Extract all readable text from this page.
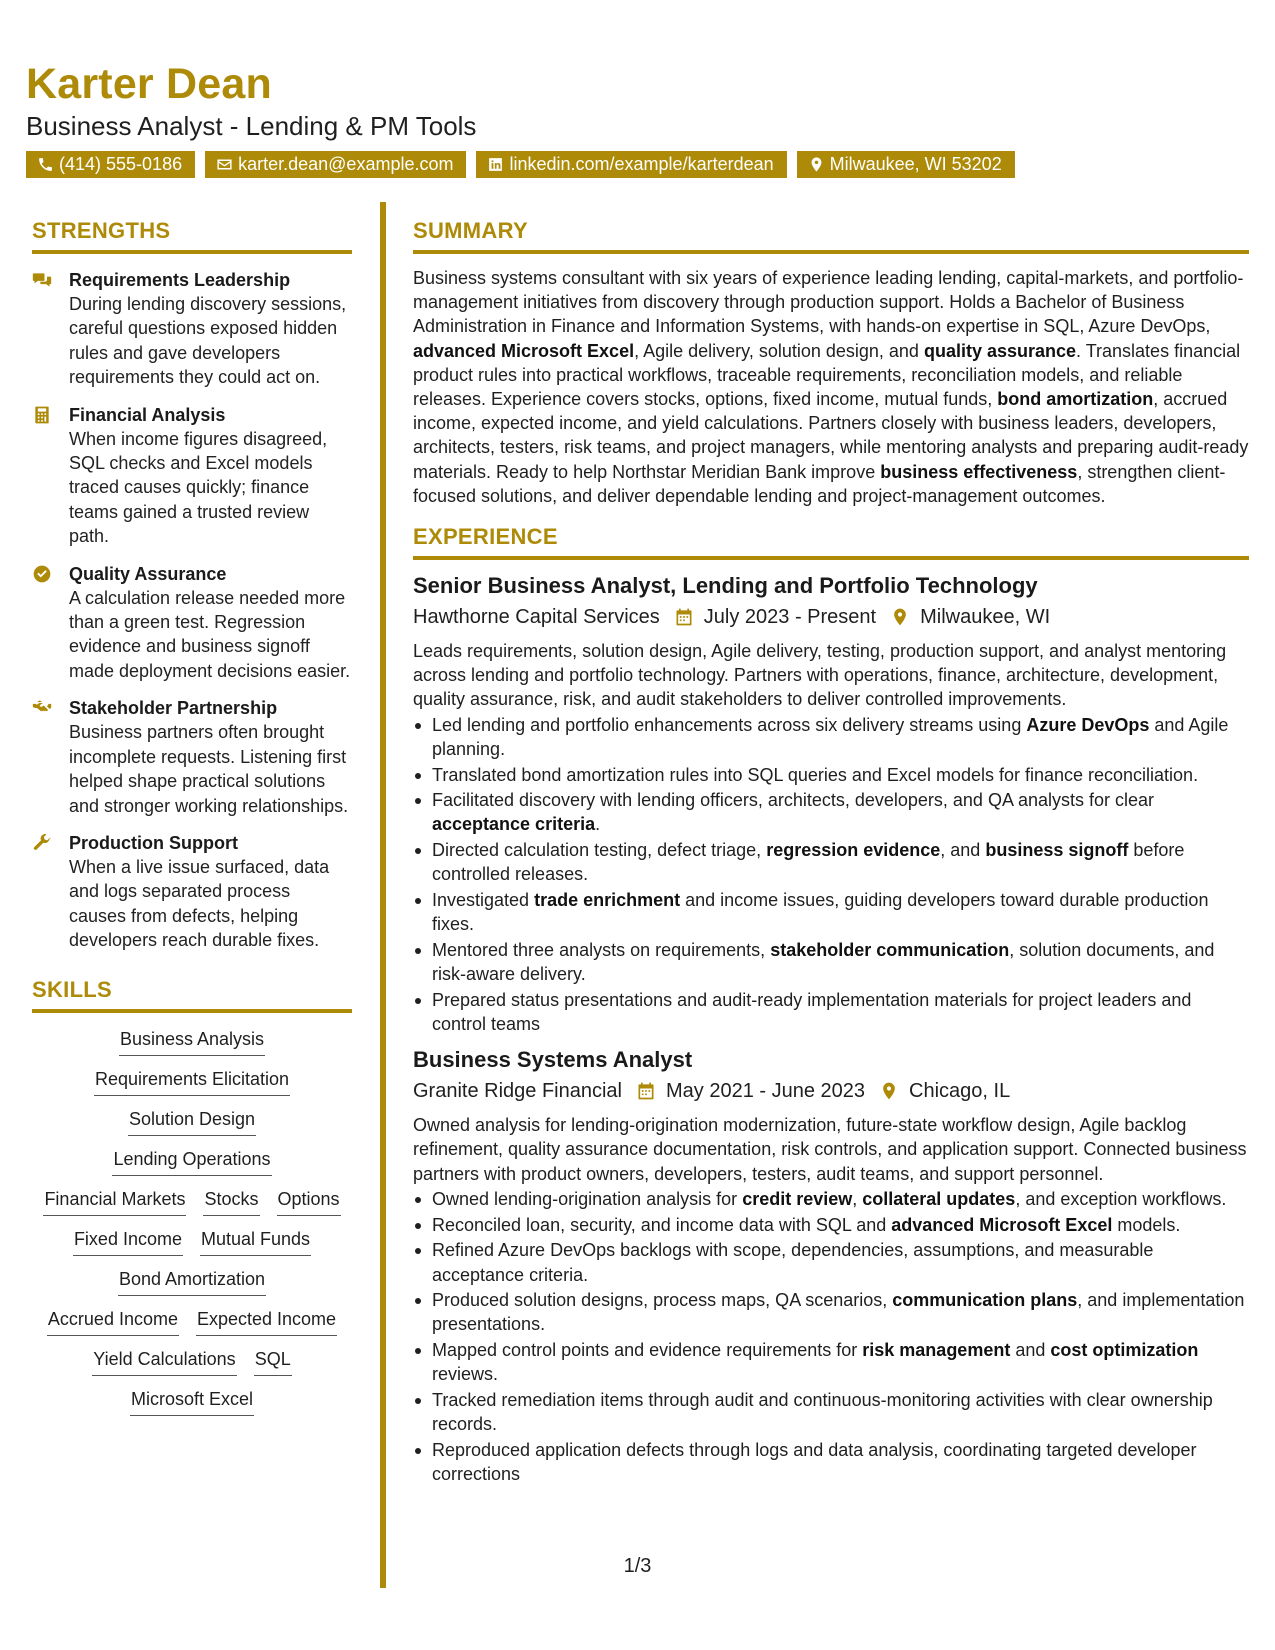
Karter Dean
Business Analyst - Lending & PM Tools
(414) 555-0186	karter.dean@example.com	linkedin.com/example/karterdean	Milwaukee, WI 53202
STRENGTHS
Requirements Leadership

During lending discovery sessions, careful questions exposed hidden rules and gave developers requirements they could act on.

Financial Analysis

When income figures disagreed, SQL checks and Excel models traced causes quickly; finance teams gained a trusted review path.

Quality Assurance

A calculation release needed more than a green test. Regression evidence and business signoff made deployment decisions easier.

Stakeholder Partnership

Business partners often brought incomplete requests. Listening first helped shape practical solutions and stronger working relationships.

Production Support

When a live issue surfaced, data and logs separated process causes from defects, helping developers reach durable fixes.

SKILLS
Business Analysis
Requirements Elicitation
Solution Design
Lending Operations
Financial Markets Stocks Options
Fixed Income Mutual Funds
Bond Amortization
Accrued Income Expected Income
Yield Calculations SQL
Microsoft Excel
SUMMARY

Business systems consultant with six years of experience leading lending, capital-markets, and portfolio-management initiatives from discovery through production support. Holds a Bachelor of Business Administration in Finance and Information Systems, with hands-on expertise in SQL, Azure DevOps, advanced Microsoft Excel, Agile delivery, solution design, and quality assurance. Translates financial product rules into practical workflows, traceable requirements, reconciliation models, and reliable releases. Experience covers stocks, options, fixed income, mutual funds, bond amortization, accrued income, expected income, and yield calculations. Partners closely with business leaders, developers, architects, testers, risk teams, and project managers, while mentoring analysts and preparing audit-ready materials. Ready to help Northstar Meridian Bank improve business effectiveness, strengthen client-focused solutions, and deliver dependable lending and project-management outcomes.

EXPERIENCE
Senior Business Analyst, Lending and Portfolio Technology
Hawthorne Capital Services July 2023 - Present Milwaukee, WI

Leads requirements, solution design, Agile delivery, testing, production support, and analyst mentoring across lending and portfolio technology. Partners with operations, finance, architecture, development, quality assurance, risk, and audit stakeholders to deliver controlled improvements.

Led lending and portfolio enhancements across six delivery streams using Azure DevOps and Agile planning.
Translated bond amortization rules into SQL queries and Excel models for finance reconciliation.
Facilitated discovery with lending officers, architects, developers, and QA analysts for clear acceptance criteria.
Directed calculation testing, defect triage, regression evidence, and business signoff before controlled releases.
Investigated trade enrichment and income issues, guiding developers toward durable production fixes.
Mentored three analysts on requirements, stakeholder communication, solution documents, and risk-aware delivery.
Prepared status presentations and audit-ready implementation materials for project leaders and control teams
Business Systems Analyst
Granite Ridge Financial May 2021 - June 2023 Chicago, IL

Owned analysis for lending-origination modernization, future-state workflow design, Agile backlog refinement, quality assurance documentation, risk controls, and application support. Connected business partners with product owners, developers, testers, audit teams, and support personnel.

Owned lending-origination analysis for credit review, collateral updates, and exception workflows.
Reconciled loan, security, and income data with SQL and advanced Microsoft Excel models.
Refined Azure DevOps backlogs with scope, dependencies, assumptions, and measurable acceptance criteria.
Produced solution designs, process maps, QA scenarios, communication plans, and implementation presentations.
Mapped control points and evidence requirements for risk management and cost optimization reviews.
Tracked remediation items through audit and continuous-monitoring activities with clear ownership records.
Reproduced application defects through logs and data analysis, coordinating targeted developer corrections
1/3
